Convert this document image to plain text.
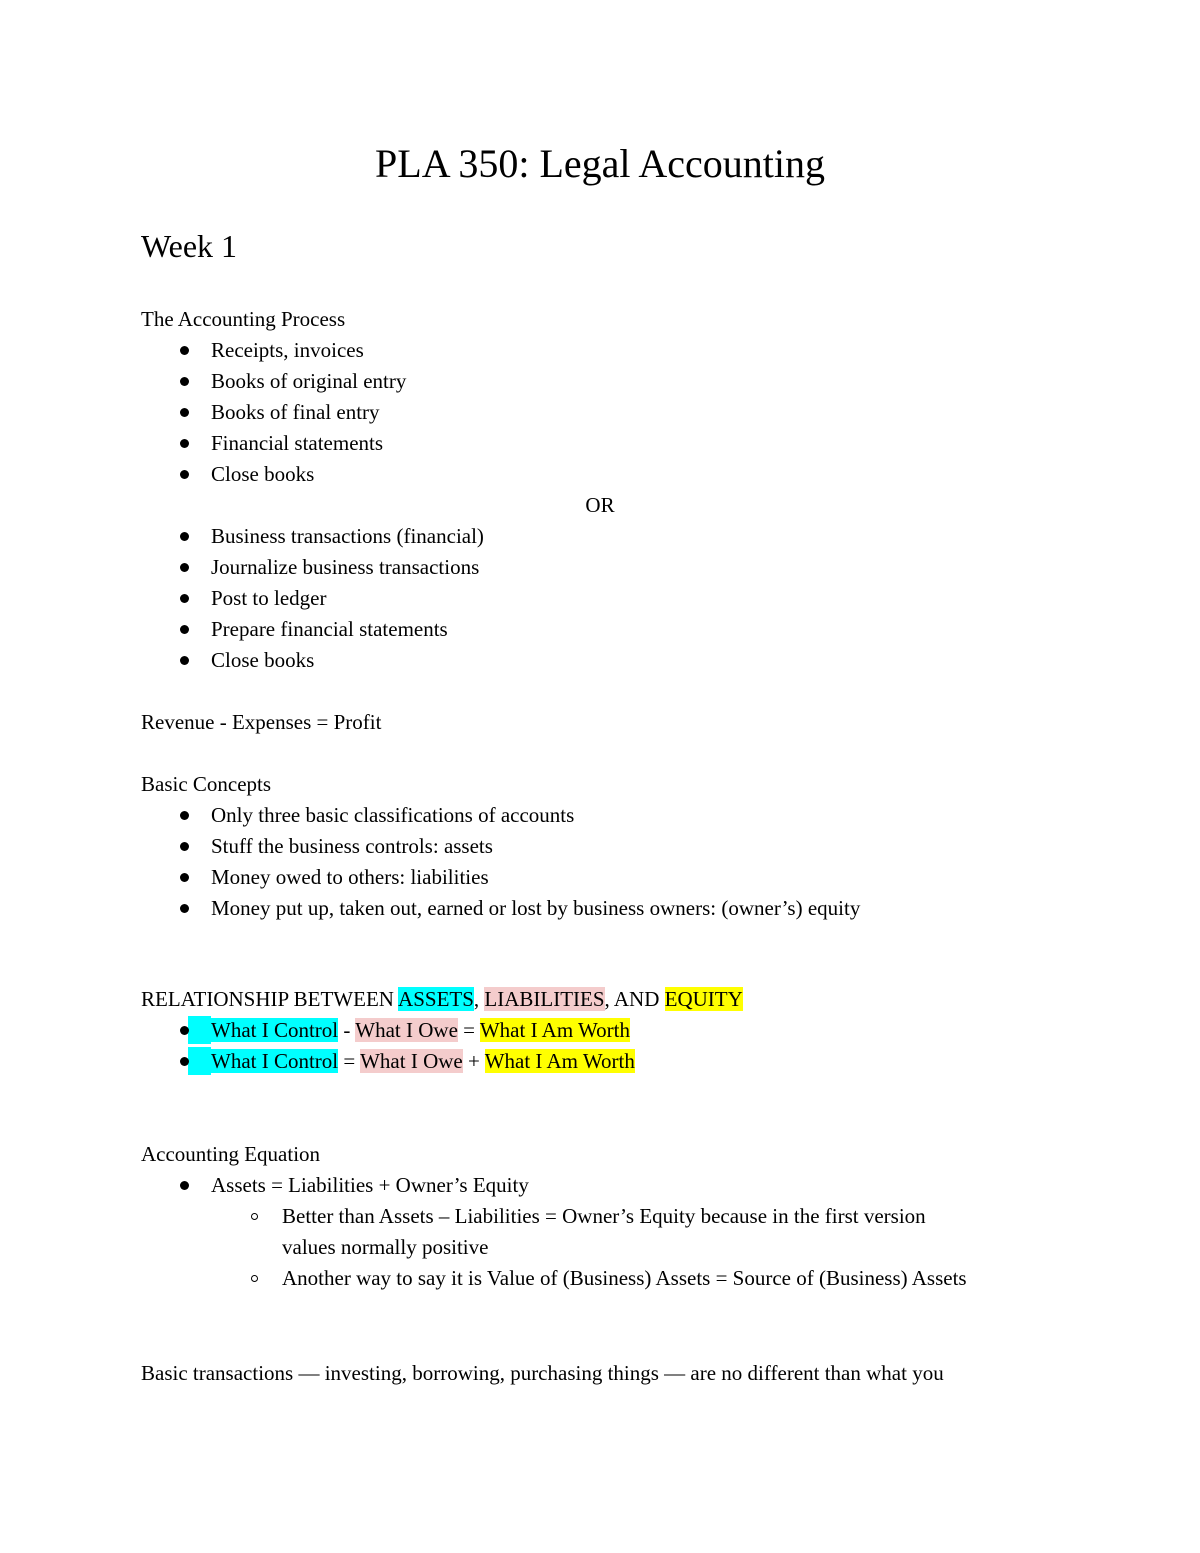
PLA 350: Legal Accounting
Week 1
The Accounting Process
Receipts, invoices
Books of original entry
Books of final entry
Financial statements
Close books
OR
Business transactions (financial)
Journalize business transactions
Post to ledger
Prepare financial statements
Close books
Revenue - Expenses = Profit
Basic Concepts
Only three basic classifications of accounts
Stuff the business controls: assets
Money owed to others: liabilities
Money put up, taken out, earned or lost by business owners: (owner’s) equity
RELATIONSHIP BETWEEN ASSETS, LIABILITIES, AND EQUITY
What I Control - What I Owe = What I Am Worth
What I Control = What I Owe + What I Am Worth
Accounting Equation
Assets = Liabilities + Owner’s Equity
Better than Assets – Liabilities = Owner’s Equity because in the first version
values normally positive
Another way to say it is Value of (Business) Assets = Source of (Business) Assets
Basic transactions — investing, borrowing, purchasing things — are no different than what you
